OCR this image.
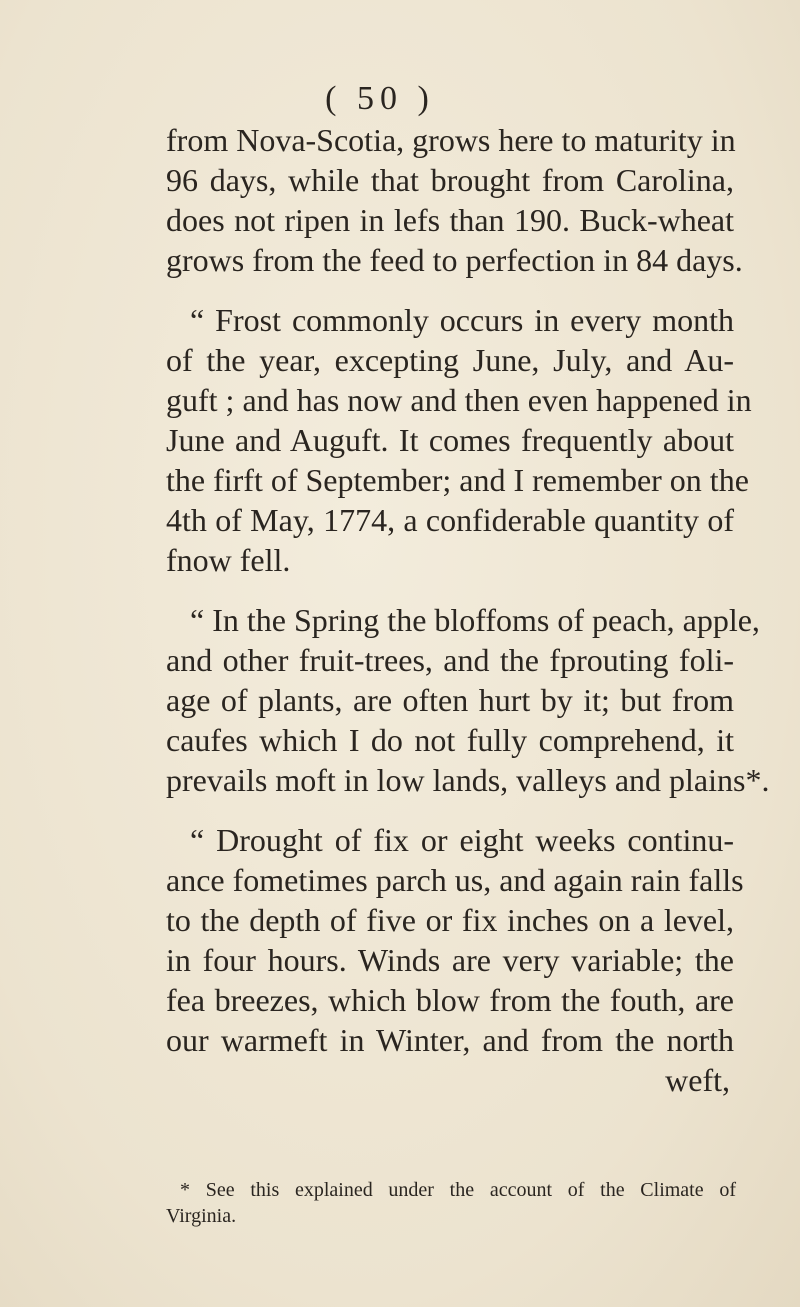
( 50 )
from Nova-Scotia, grows here to maturity in
96 days, while that brought from Carolina,
does not ripen in lefs than 190. Buck-wheat
grows from the feed to perfection in 84 days.
“ Frost commonly occurs in every month
of the year, excepting June, July, and Au-
guft ; and has now and then even happened in
June and Auguft. It comes frequently about
the firft of September; and I remember on the
4th of May, 1774, a confiderable quantity of
fnow fell.
“ In the Spring the bloffoms of peach, apple,
and other fruit-trees, and the fprouting foli-
age of plants, are often hurt by it; but from
caufes which I do not fully comprehend, it
prevails moft in low lands, valleys and plains*.
“ Drought of fix or eight weeks continu-
ance fometimes parch us, and again rain falls
to the depth of five or fix inches on a level,
in four hours. Winds are very variable; the
fea breezes, which blow from the fouth, are
our warmeft in Winter, and from the north
weft,
* See this explained under the account of the Climate of
Virginia.
